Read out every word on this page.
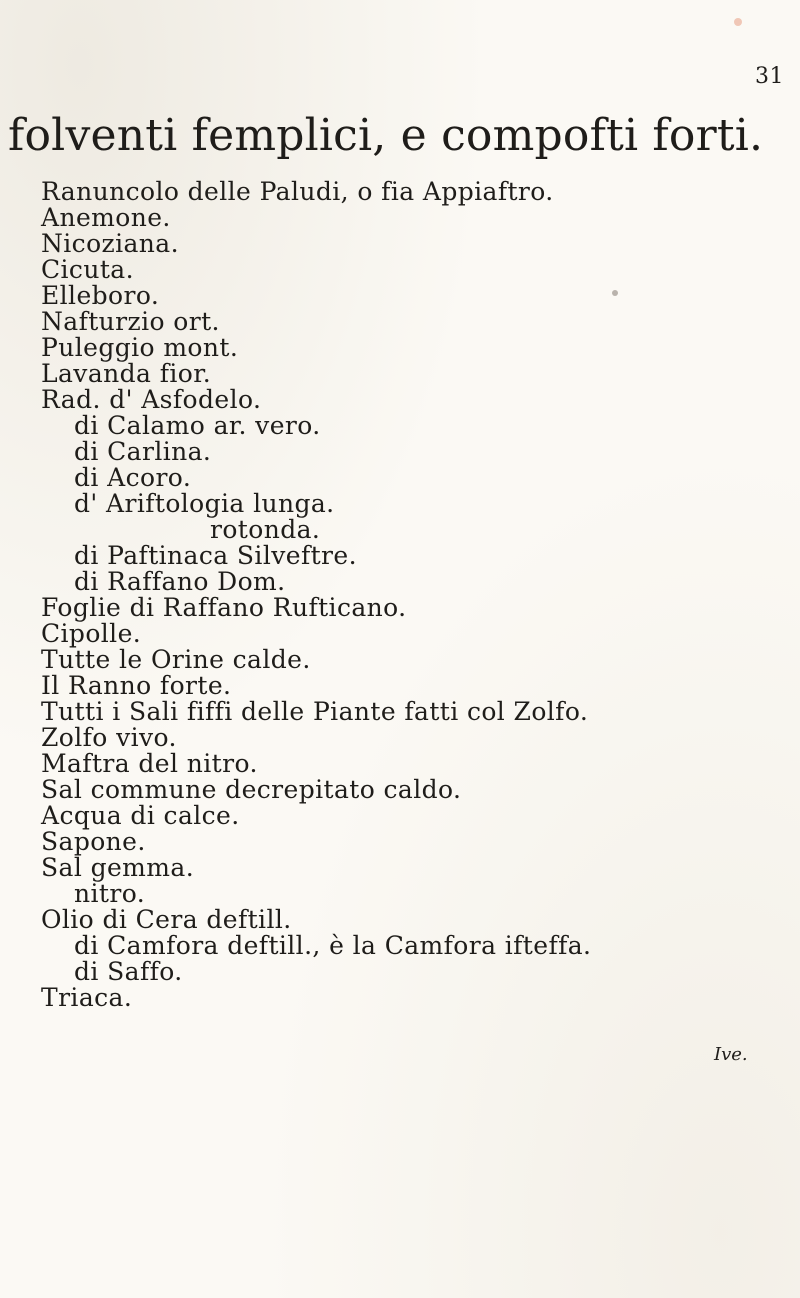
31
folventi femplici, e compofti forti.
Ranuncolo delle Paludi, o fia Appiaftro.
Anemone.
Nicoziana.
Cicuta.
Elleboro.
Nafturzio ort.
Puleggio mont.
Lavanda fior.
Rad. d' Asfodelo.
di Calamo ar. vero.
di Carlina.
di Acoro.
d' Ariftologia lunga.
rotonda.
di Paftinaca Silveftre.
di Raffano Dom.
Foglie di Raffano Rufticano.
Cipolle.
Tutte le Orine calde.
Il Ranno forte.
Tutti i Sali fiffi delle Piante fatti col Zolfo.
Zolfo vivo.
Maftra del nitro.
Sal commune decrepitato caldo.
Acqua di calce.
Sapone.
Sal gemma.
nitro.
Olio di Cera deftill.
di Camfora deftill., è la Camfora ifteffa.
di Saffo.
Triaca.
Ive.
